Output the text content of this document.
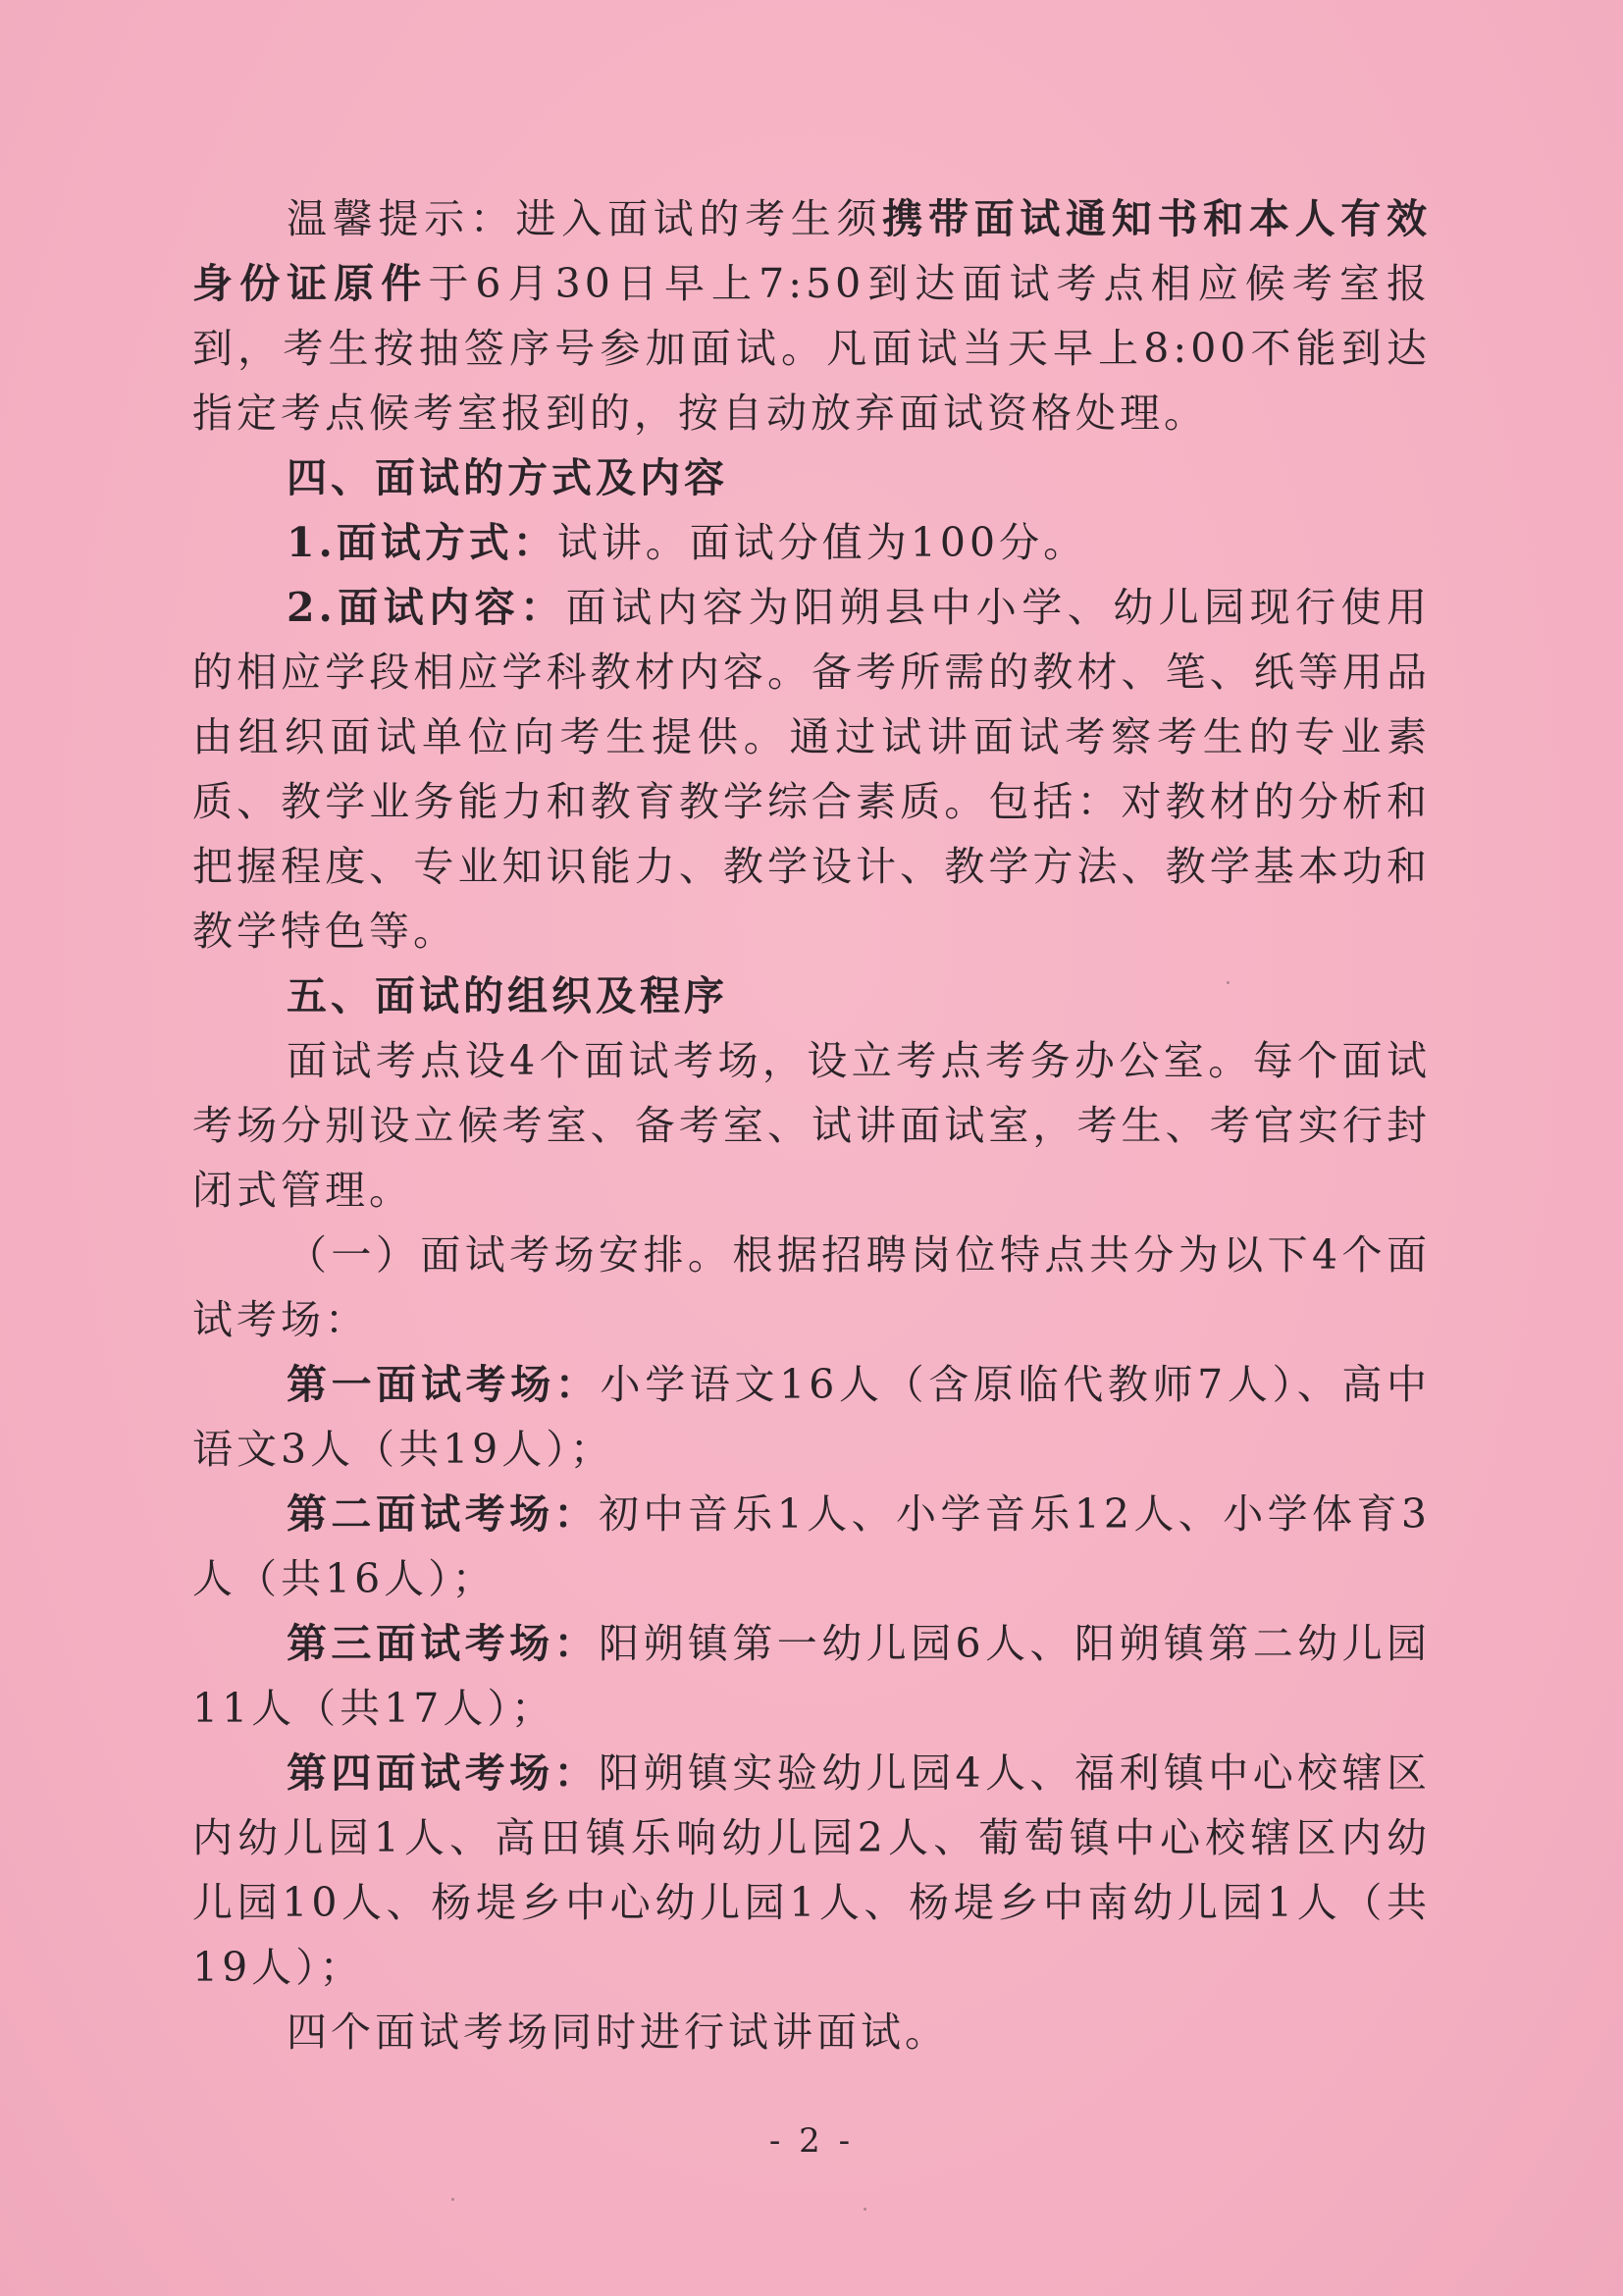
温馨提示：进入面试的考生须携带面试通知书和本人有效身份证原件于6月30日早上7:50到达面试考点相应候考室报到，考生按抽签序号参加面试。凡面试当天早上8:00不能到达指定考点候考室报到的，按自动放弃面试资格处理。

四、面试的方式及内容

1.面试方式：试讲。面试分值为100分。

2.面试内容：面试内容为阳朔县中小学、幼儿园现行使用的相应学段相应学科教材内容。备考所需的教材、笔、纸等用品由组织面试单位向考生提供。通过试讲面试考察考生的专业素质、教学业务能力和教育教学综合素质。包括：对教材的分析和把握程度、专业知识能力、教学设计、教学方法、教学基本功和教学特色等。

五、面试的组织及程序

面试考点设4个面试考场，设立考点考务办公室。每个面试考场分别设立候考室、备考室、试讲面试室，考生、考官实行封闭式管理。

（一）面试考场安排。根据招聘岗位特点共分为以下4个面试考场：

第一面试考场：小学语文16人（含原临代教师7人）、高中语文3人（共19人）；

第二面试考场：初中音乐1人、小学音乐12人、小学体育3人（共16人）；

第三面试考场：阳朔镇第一幼儿园6人、阳朔镇第二幼儿园11人（共17人）；

第四面试考场：阳朔镇实验幼儿园4人、福利镇中心校辖区内幼儿园1人、高田镇乐响幼儿园2人、葡萄镇中心校辖区内幼儿园10人、杨堤乡中心幼儿园1人、杨堤乡中南幼儿园1人（共19人）；

四个面试考场同时进行试讲面试。

- 2 -
